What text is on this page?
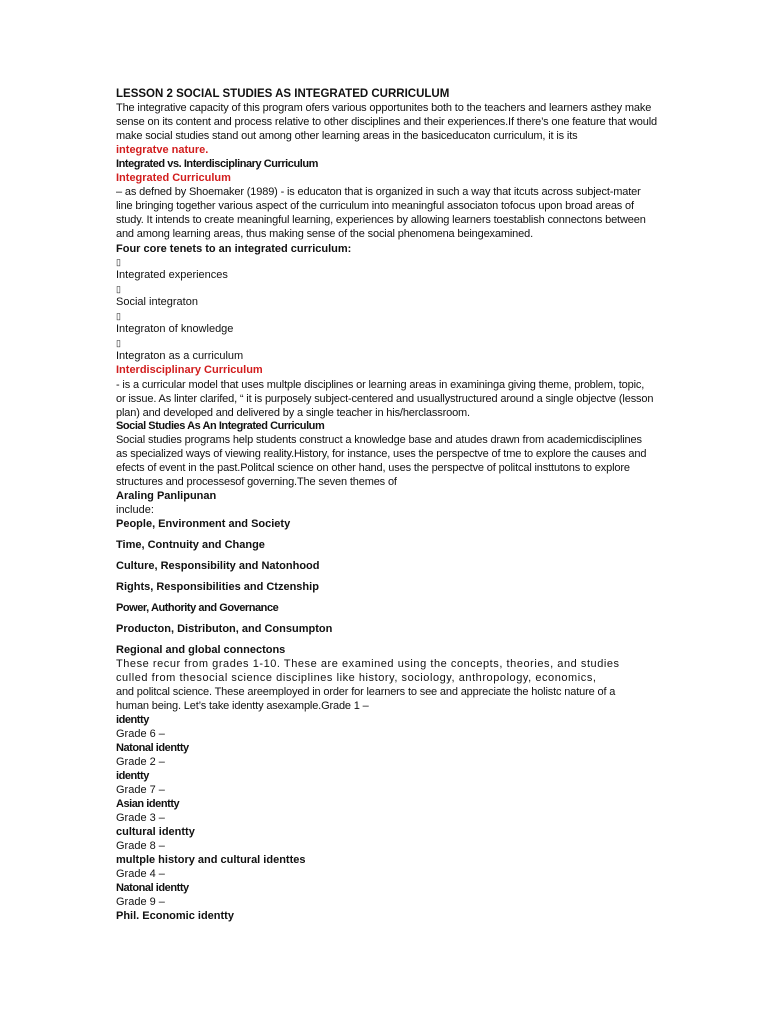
LESSON 2 SOCIAL STUDIES AS INTEGRATED CURRICULUM
The integrative capacity of this program ofers various opportunites both to the teachers and learners asthey make
sense on its content and process relative to other disciplines and their experiences.If there’s one feature that would
make social studies stand out among other learning areas in the basiceducaton curriculum, it is its
integratve nature.
Integrated vs. Interdisciplinary Curriculum
Integrated Curriculum
– as defned by Shoemaker (1989) - is educaton that is organized in such a way that itcuts across subject-mater
line bringing together various aspect of the curriculum into meaningful associaton tofocus upon broad areas of
study. It intends to create meaningful learning, experiences by allowing learners toestablish connectons between
and among learning areas, thus making sense of the social phenomena beingexamined.
Four core tenets to an integrated curriculum:
▯
Integrated experiences
▯
Social integraton
▯
Integraton of knowledge
▯
Integraton as a curriculum
Interdisciplinary Curriculum
- is a curricular model that uses multple disciplines or learning areas in examininga giving theme, problem, topic,
or issue. As linter clarifed, “ it is purposely subject-centered and usuallystructured around a single objectve (lesson
plan) and developed and delivered by a single teacher in his/herclassroom.
Social Studies As An Integrated Curriculum
Social studies programs help students construct a knowledge base and atudes drawn from academicdisciplines
as specialized ways of viewing reality.History, for instance, uses the perspectve of tme to explore the causes and
efects of event in the past.Politcal science on other hand, uses the perspectve of politcal insttutons to explore
structures and processesof governing.The seven themes of
Araling Panlipunan
include:
People, Environment and Society
Time, Contnuity and Change
Culture, Responsibility and Natonhood
Rights, Responsibilities and Ctzenship
Power, Authority and Governance
Producton, Distributon, and Consumpton
Regional and global connectons
These recur from grades 1-10. These are examined using the concepts, theories, and studies
culled from thesocial science disciplines like history, sociology, anthropology, economics,
and politcal science. These areemployed in order for learners to see and appreciate the holistc nature of a
human being. Let’s take identty asexample.Grade 1 –
identty
Grade 6 –
Natonal identty
Grade 2 –
identty
Grade 7 –
Asian identty
Grade 3 –
cultural identty
Grade 8 –
multple history and cultural identtes
Grade 4 –
Natonal identty
Grade 9 –
Phil. Economic identty
